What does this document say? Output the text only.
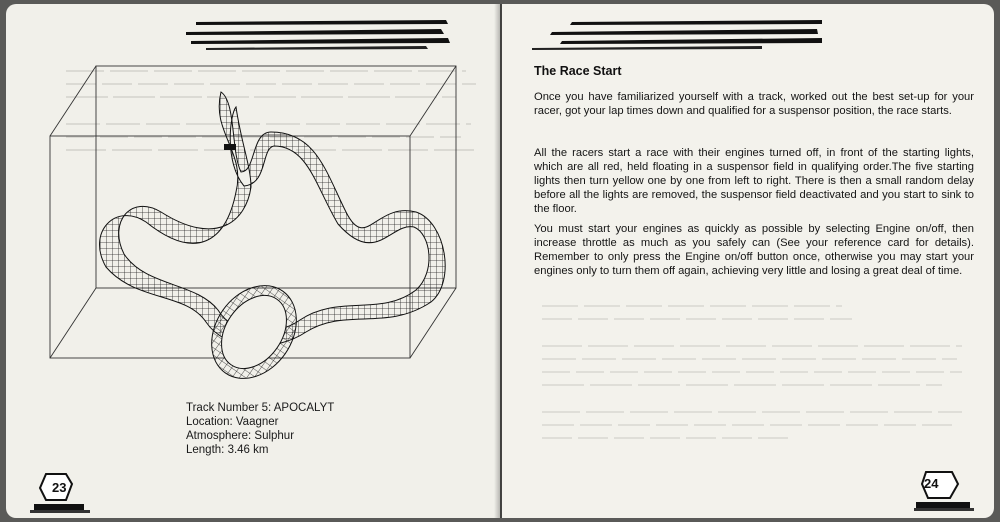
Track Number 5: APOCALYT
Location: Vaagner
Atmosphere: Sulphur
Length: 3.46 km
23
The Race Start

Once you have familiarized yourself with a track, worked out the best set-up for your racer, got your lap times down and qualified for a suspensor position, the race starts.

All the racers start a race with their engines turned off, in front of the starting lights, which are all red, held floating in a suspensor field in qualifying order.The five starting lights then turn yellow one by one from left to right. There is then a small random delay before all the lights are removed, the suspensor field deactivated and you start to sink to the floor.

You must start your engines as quickly as possible by selecting Engine on/off, then increase throttle as much as you safely can (See your reference card for details). Remember to only press the Engine on/off button once, otherwise you may start your engines only to turn them off again, achieving very little and losing a great deal of time.

24
